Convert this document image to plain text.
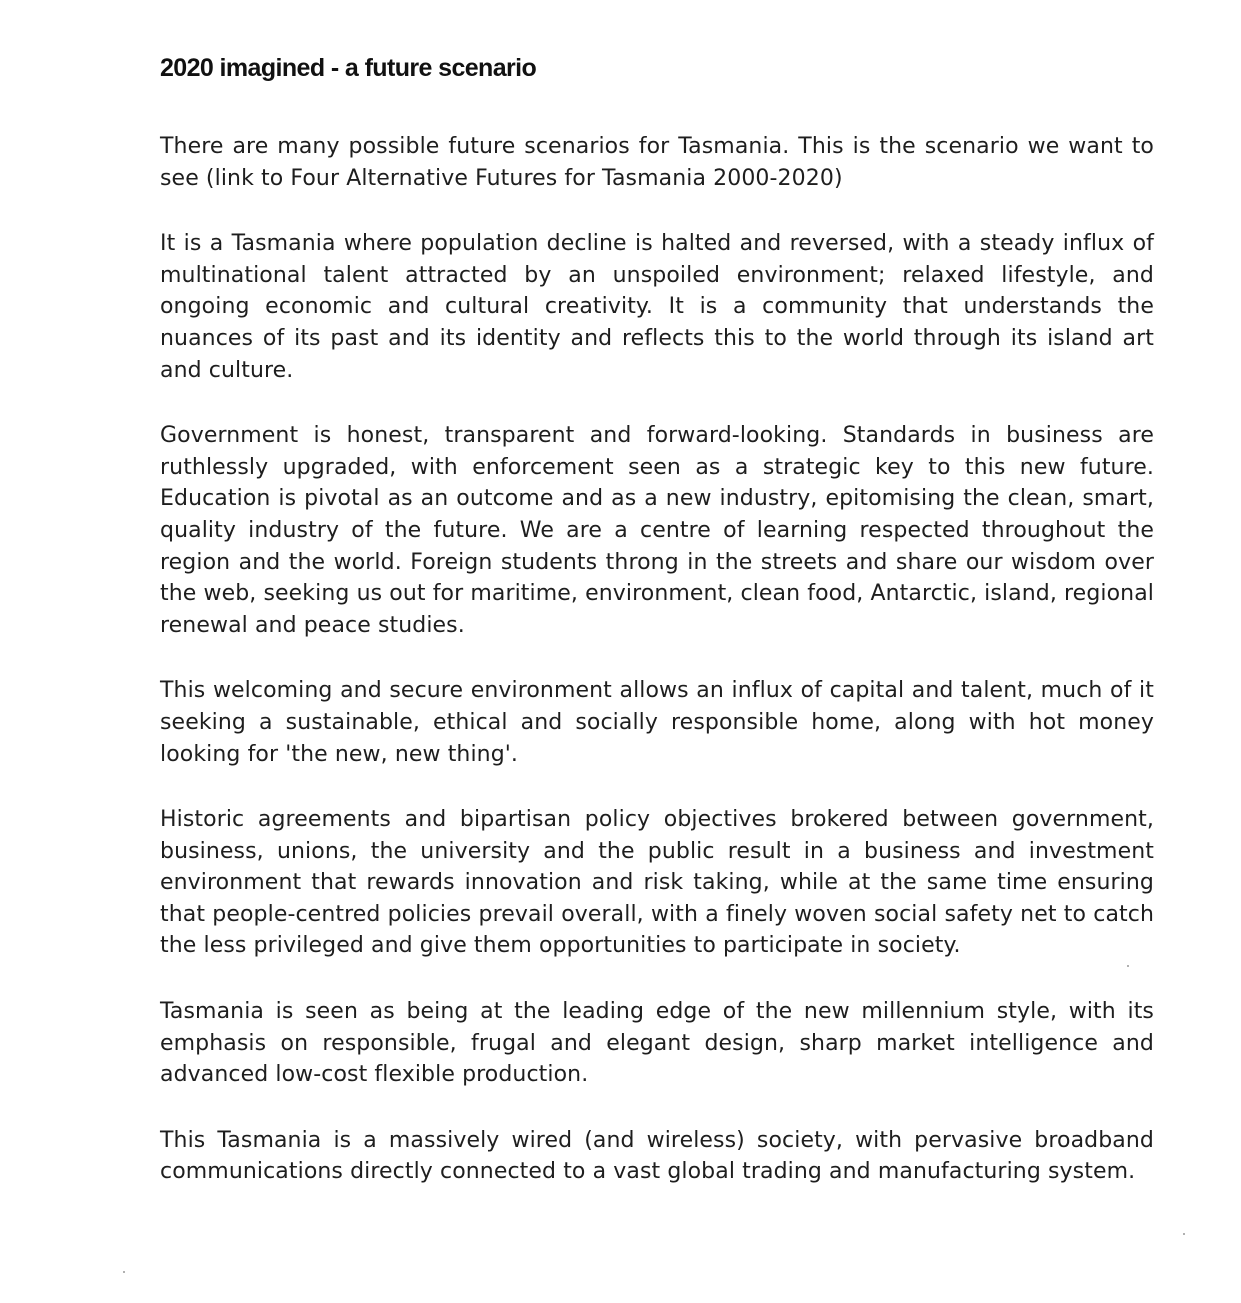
2020 imagined - a future scenario

There are many possible future scenarios for Tasmania. This is the scenario we want to see (link to Four Alternative Futures for Tasmania 2000-2020)

It is a Tasmania where population decline is halted and reversed, with a steady influx of multinational talent attracted by an unspoiled environment; relaxed lifestyle, and ongoing economic and cultural creativity. It is a community that understands the nuances of its past and its identity and reflects this to the world through its island art and culture.

Government is honest, transparent and forward-looking. Standards in business are ruthlessly upgraded, with enforcement seen as a strategic key to this new future. Education is pivotal as an outcome and as a new industry, epitomising the clean, smart, quality industry of the future. We are a centre of learning respected throughout the region and the world. Foreign students throng in the streets and share our wisdom over the web, seeking us out for maritime, environment, clean food, Antarctic, island, regional renewal and peace studies.

This welcoming and secure environment allows an influx of capital and talent, much of it seeking a sustainable, ethical and socially responsible home, along with hot money looking for 'the new, new thing'.

Historic agreements and bipartisan policy objectives brokered between government, business, unions, the university and the public result in a business and investment environment that rewards innovation and risk taking, while at the same time ensuring that people-centred policies prevail overall, with a finely woven social safety net to catch the less privileged and give them opportunities to participate in society.

Tasmania is seen as being at the leading edge of the new millennium style, with its emphasis on responsible, frugal and elegant design, sharp market intelligence and advanced low-cost flexible production.

This Tasmania is a massively wired (and wireless) society, with pervasive broadband communications directly connected to a vast global trading and manufacturing system.
